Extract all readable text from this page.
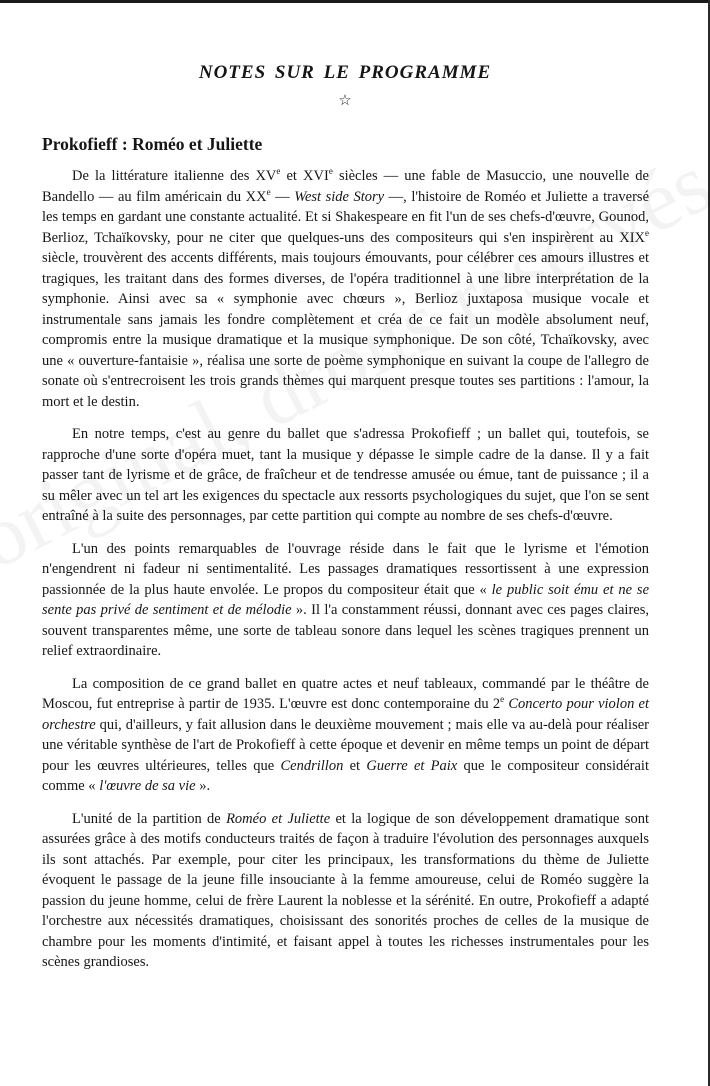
NOTES SUR LE PROGRAMME
☆
Prokofieff : Roméo et Juliette

De la littérature italienne des XVe et XVIe siècles — une fable de Masuccio, une nouvelle de Bandello — au film américain du XXe — West side Story —, l'histoire de Roméo et Juliette a traversé les temps en gardant une constante actualité. Et si Shakespeare en fit l'un de ses chefs-d'œuvre, Gounod, Berlioz, Tchaïkovsky, pour ne citer que quelques-uns des compositeurs qui s'en inspirèrent au XIXe siècle, trouvèrent des accents différents, mais toujours émouvants, pour célébrer ces amours illustres et tragiques, les traitant dans des formes diverses, de l'opéra traditionnel à une libre interprétation de la symphonie. Ainsi avec sa « symphonie avec chœurs », Berlioz juxtaposa musique vocale et instrumentale sans jamais les fondre complètement et créa de ce fait un modèle absolument neuf, compromis entre la musique dramatique et la musique symphonique. De son côté, Tchaïkovsky, avec une « ouverture-fantaisie », réalisa une sorte de poème symphonique en suivant la coupe de l'allegro de sonate où s'entrecroisent les trois grands thèmes qui marquent presque toutes ses partitions : l'amour, la mort et le destin.

En notre temps, c'est au genre du ballet que s'adressa Prokofieff ; un ballet qui, toutefois, se rapproche d'une sorte d'opéra muet, tant la musique y dépasse le simple cadre de la danse. Il y a fait passer tant de lyrisme et de grâce, de fraîcheur et de tendresse amusée ou émue, tant de puissance ; il a su mêler avec un tel art les exigences du spectacle aux ressorts psychologiques du sujet, que l'on se sent entraîné à la suite des personnages, par cette partition qui compte au nombre de ses chefs-d'œuvre.

L'un des points remarquables de l'ouvrage réside dans le fait que le lyrisme et l'émotion n'engendrent ni fadeur ni sentimentalité. Les passages dramatiques ressortissent à une expression passionnée de la plus haute envolée. Le propos du compositeur était que « le public soit ému et ne se sente pas privé de sentiment et de mélodie ». Il l'a constamment réussi, donnant avec ces pages claires, souvent transparentes même, une sorte de tableau sonore dans lequel les scènes tragiques prennent un relief extraordinaire.

La composition de ce grand ballet en quatre actes et neuf tableaux, commandé par le théâtre de Moscou, fut entreprise à partir de 1935. L'œuvre est donc contemporaine du 2e Concerto pour violon et orchestre qui, d'ailleurs, y fait allusion dans le deuxième mouvement ; mais elle va au-delà pour réaliser une véritable synthèse de l'art de Prokofieff à cette époque et devenir en même temps un point de départ pour les œuvres ultérieures, telles que Cendrillon et Guerre et Paix que le compositeur considérait comme « l'œuvre de sa vie ».

L'unité de la partition de Roméo et Juliette et la logique de son développement dramatique sont assurées grâce à des motifs conducteurs traités de façon à traduire l'évolution des personnages auxquels ils sont attachés. Par exemple, pour citer les principaux, les transformations du thème de Juliette évoquent le passage de la jeune fille insouciante à la femme amoureuse, celui de Roméo suggère la passion du jeune homme, celui de frère Laurent la noblesse et la sérénité. En outre, Prokofieff a adapté l'orchestre aux nécessités dramatiques, choisissant des sonorités proches de celles de la musique de chambre pour les moments d'intimité, et faisant appel à toutes les richesses instrumentales pour les scènes grandioses.
